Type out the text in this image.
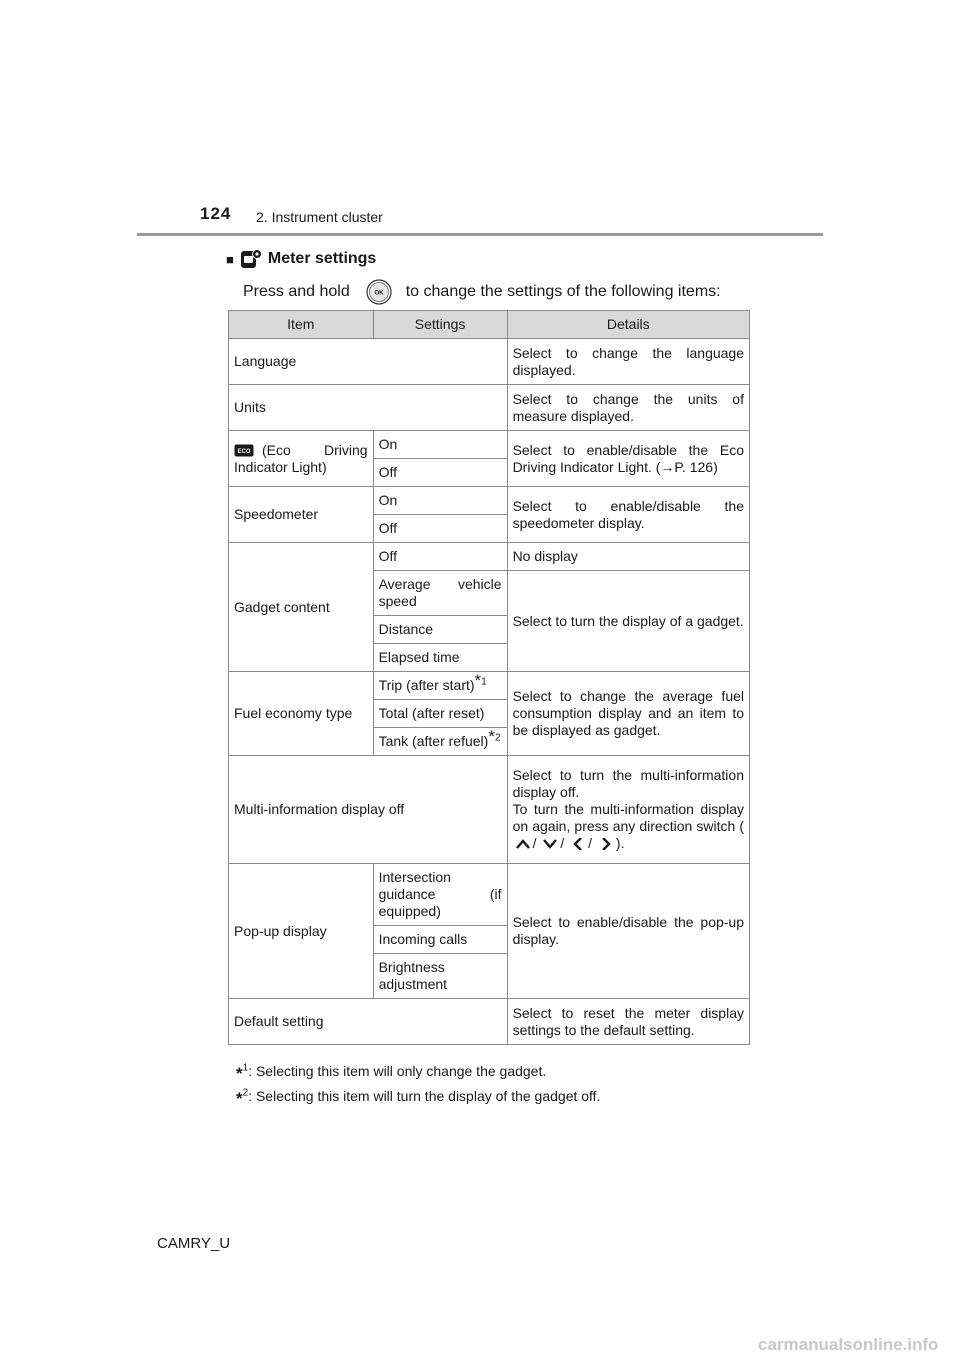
124 2. Instrument cluster
■ Meter settings
Press and hold	OK to change the settings of the following items:
Item	Settings	Details
Language		Select to change the language displayed.
Units		Select to change the units of measure displayed.

ECO (Eco Driving Indicator Light)	On	Select to enable/disable the Eco Driving Indicator Light. (→P. 126)
	Off	
Speedometer	On	Select to enable/disable the speedometer display.
	Off	
Gadget content	Off	No display
	Average vehicle speed	Select to turn the display of a gadget.
	Distance	
	Elapsed time	
Fuel economy type	Trip (after start)*$^1$	Select to change the average fuel consumption display and an item to be displayed as gadget.
	Total (after reset)	
	Tank (after refuel)*$^2$
Multi-information display off		Select to turn the multi-information display off.
To turn the multi-information display on again, press any direction switch ( / / / ).
Pop-up display	Intersection guidance (if equipped)	Select to enable/disable the pop-up display.
	Incoming calls	
	Brightness adjustment	
Default setting		Select to reset the meter display settings to the default setting.
*$^1$: Selecting this item will only change the gadget.
*$^2$: Selecting this item will turn the display of the gadget off.
CAMRY_U
carmanualsonline.info
